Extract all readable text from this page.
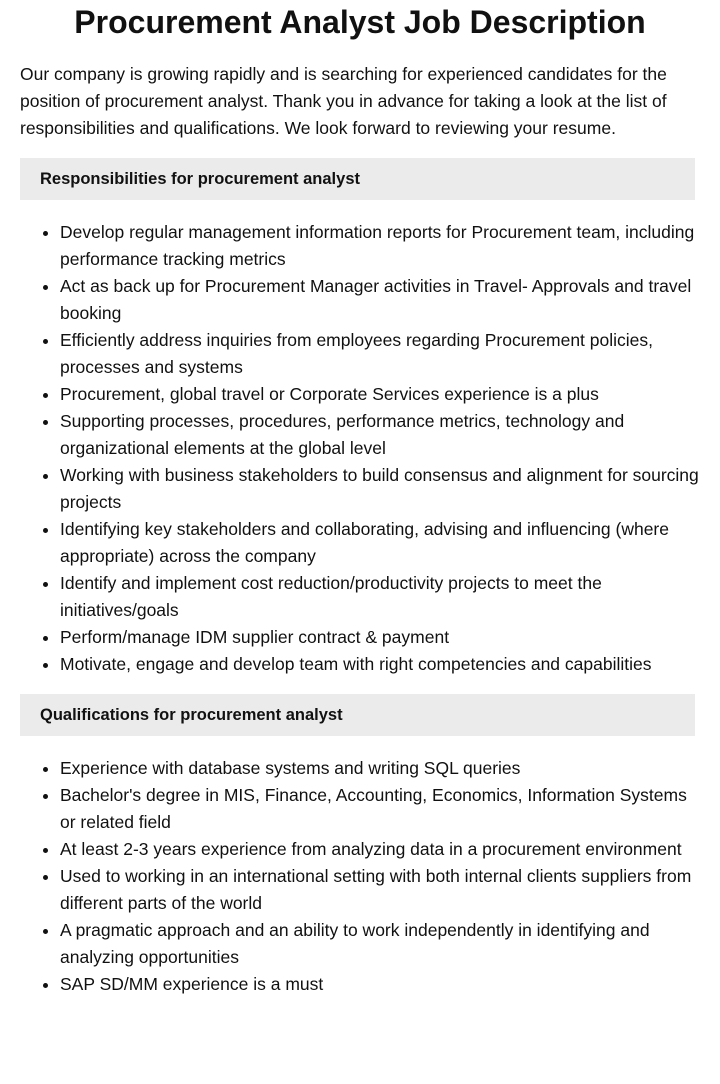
Procurement Analyst Job Description

Our company is growing rapidly and is searching for experienced candidates for the position of procurement analyst. Thank you in advance for taking a look at the list of responsibilities and qualifications. We look forward to reviewing your resume.

Responsibilities for procurement analyst
• Develop regular management information reports for Procurement team, including performance tracking metrics
• Act as back up for Procurement Manager activities in Travel- Approvals and travel booking
• Efficiently address inquiries from employees regarding Procurement policies, processes and systems
• Procurement, global travel or Corporate Services experience is a plus
• Supporting processes, procedures, performance metrics, technology and organizational elements at the global level
• Working with business stakeholders to build consensus and alignment for sourcing projects
• Identifying key stakeholders and collaborating, advising and influencing (where appropriate) across the company
• Identify and implement cost reduction/productivity projects to meet the initiatives/goals
• Perform/manage IDM supplier contract & payment
• Motivate, engage and develop team with right competencies and capabilities
Qualifications for procurement analyst
• Experience with database systems and writing SQL queries
• Bachelor's degree in MIS, Finance, Accounting, Economics, Information Systems or related field
• At least 2-3 years experience from analyzing data in a procurement environment
• Used to working in an international setting with both internal clients suppliers from different parts of the world
• A pragmatic approach and an ability to work independently in identifying and analyzing opportunities
• SAP SD/MM experience is a must
